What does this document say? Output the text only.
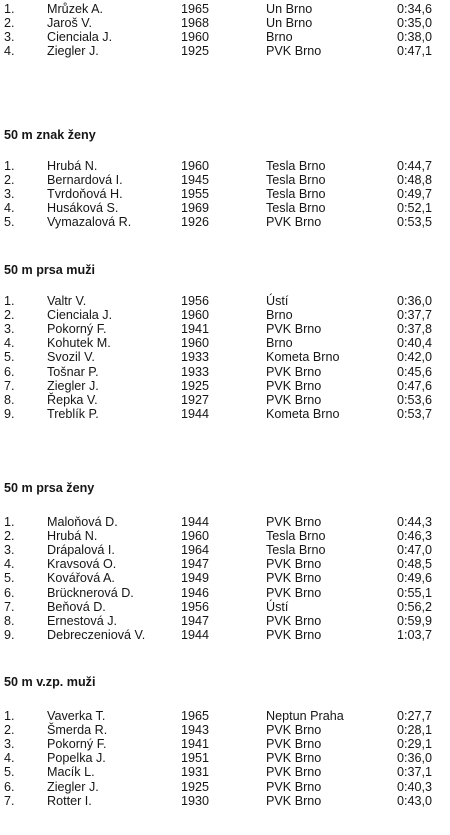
1.	Mrůzek A.	1965	Un Brno	0:34,6
2.	Jaroš V.	1968	Un Brno	0:35,0
3.	Cienciala J.	1960	Brno	0:38,0
4.	Ziegler J.	1925	PVK Brno	0:47,1
50 m znak ženy
1.	Hrubá N.	1960	Tesla Brno	0:44,7
2.	Bernardová I.	1945	Tesla Brno	0:48,8
3.	Tvrdoňová H.	1955	Tesla Brno	0:49,7
4.	Husáková S.	1969	Tesla Brno	0:52,1
5.	Vymazalová R.	1926	PVK Brno	0:53,5
50 m prsa muži
1.	Valtr V.	1956	Ústí	0:36,0
2.	Cienciala J.	1960	Brno	0:37,7
3.	Pokorný F.	1941	PVK Brno	0:37,8
4.	Kohutek M.	1960	Brno	0:40,4
5.	Svozil V.	1933	Kometa Brno	0:42,0
6.	Tošnar P.	1933	PVK Brno	0:45,6
7.	Ziegler J.	1925	PVK Brno	0:47,6
8.	Řepka V.	1927	PVK Brno	0:53,6
9.	Treblík P.	1944	Kometa Brno	0:53,7
50 m prsa ženy
1.	Maloňová D.	1944	PVK Brno	0:44,3
2.	Hrubá N.	1960	Tesla Brno	0:46,3
3.	Drápalová I.	1964	Tesla Brno	0:47,0
4.	Kravsová O.	1947	PVK Brno	0:48,5
5.	Kovářová A.	1949	PVK Brno	0:49,6
6.	Brücknerová D.	1946	PVK Brno	0:55,1
7.	Beňová D.	1956	Ústí	0:56,2
8.	Ernestová J.	1947	PVK Brno	0:59,9
9.	Debreczeniová V.	1944	PVK Brno	1:03,7
50 m v.zp. muži
1.	Vaverka T.	1965	Neptun Praha	0:27,7
2.	Šmerda R.	1943	PVK Brno	0:28,1
3.	Pokorný F.	1941	PVK Brno	0:29,1
4.	Popelka J.	1951	PVK Brno	0:36,0
5.	Macík L.	1931	PVK Brno	0:37,1
6.	Ziegler J.	1925	PVK Brno	0:40,3
7.	Rotter I.	1930	PVK Brno	0:43,0
